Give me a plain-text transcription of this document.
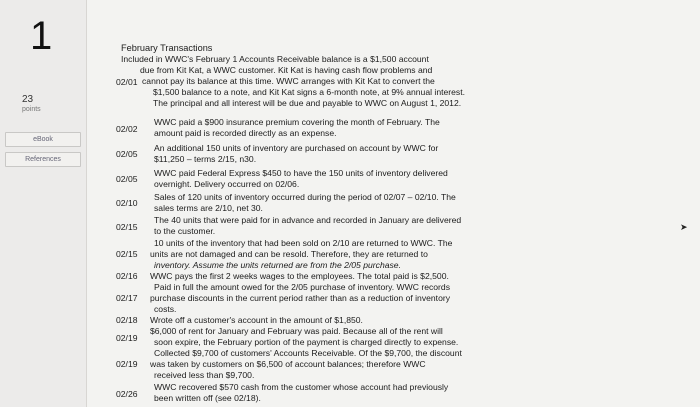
1
23
points
eBook
References
February Transactions
Included in WWC's February 1 Accounts Receivable balance is a $1,500 account
due from Kit Kat, a WWC customer. Kit Kat is having cash flow problems and
02/01 cannot pay its balance at this time. WWC arranges with Kit Kat to convert the
$1,500 balance to a note, and Kit Kat signs a 6-month note, at 9% annual interest.
The principal and all interest will be due and payable to WWC on August 1, 2012.
02/02
WWC paid a $900 insurance premium covering the month of February. The
amount paid is recorded directly as an expense.
02/05
An additional 150 units of inventory are purchased on account by WWC for
$11,250 – terms 2/15, n30.
02/05
WWC paid Federal Express $450 to have the 150 units of inventory delivered
overnight. Delivery occurred on 02/06.
02/10
Sales of 120 units of inventory occurred during the period of 02/07 – 02/10. The
sales terms are 2/10, net 30.
02/15
The 40 units that were paid for in advance and recorded in January are delivered
to the customer.
10 units of the inventory that had been sold on 2/10 are returned to WWC. The
02/15 units are not damaged and can be resold. Therefore, they are returned to
inventory. Assume the units returned are from the 2/05 purchase.
02/16 WWC pays the first 2 weeks wages to the employees. The total paid is $2,500.
Paid in full the amount owed for the 2/05 purchase of inventory. WWC records
02/17 purchase discounts in the current period rather than as a reduction of inventory
costs.
02/18 Wrote off a customer's account in the amount of $1,850.
02/19
$6,000 of rent for January and February was paid. Because all of the rent will
soon expire, the February portion of the payment is charged directly to expense.
Collected $9,700 of customers' Accounts Receivable. Of the $9,700, the discount
02/19 was taken by customers on $6,500 of account balances; therefore WWC
received less than $9,700.
02/26
WWC recovered $570 cash from the customer whose account had previously
been written off (see 02/18).
➤
